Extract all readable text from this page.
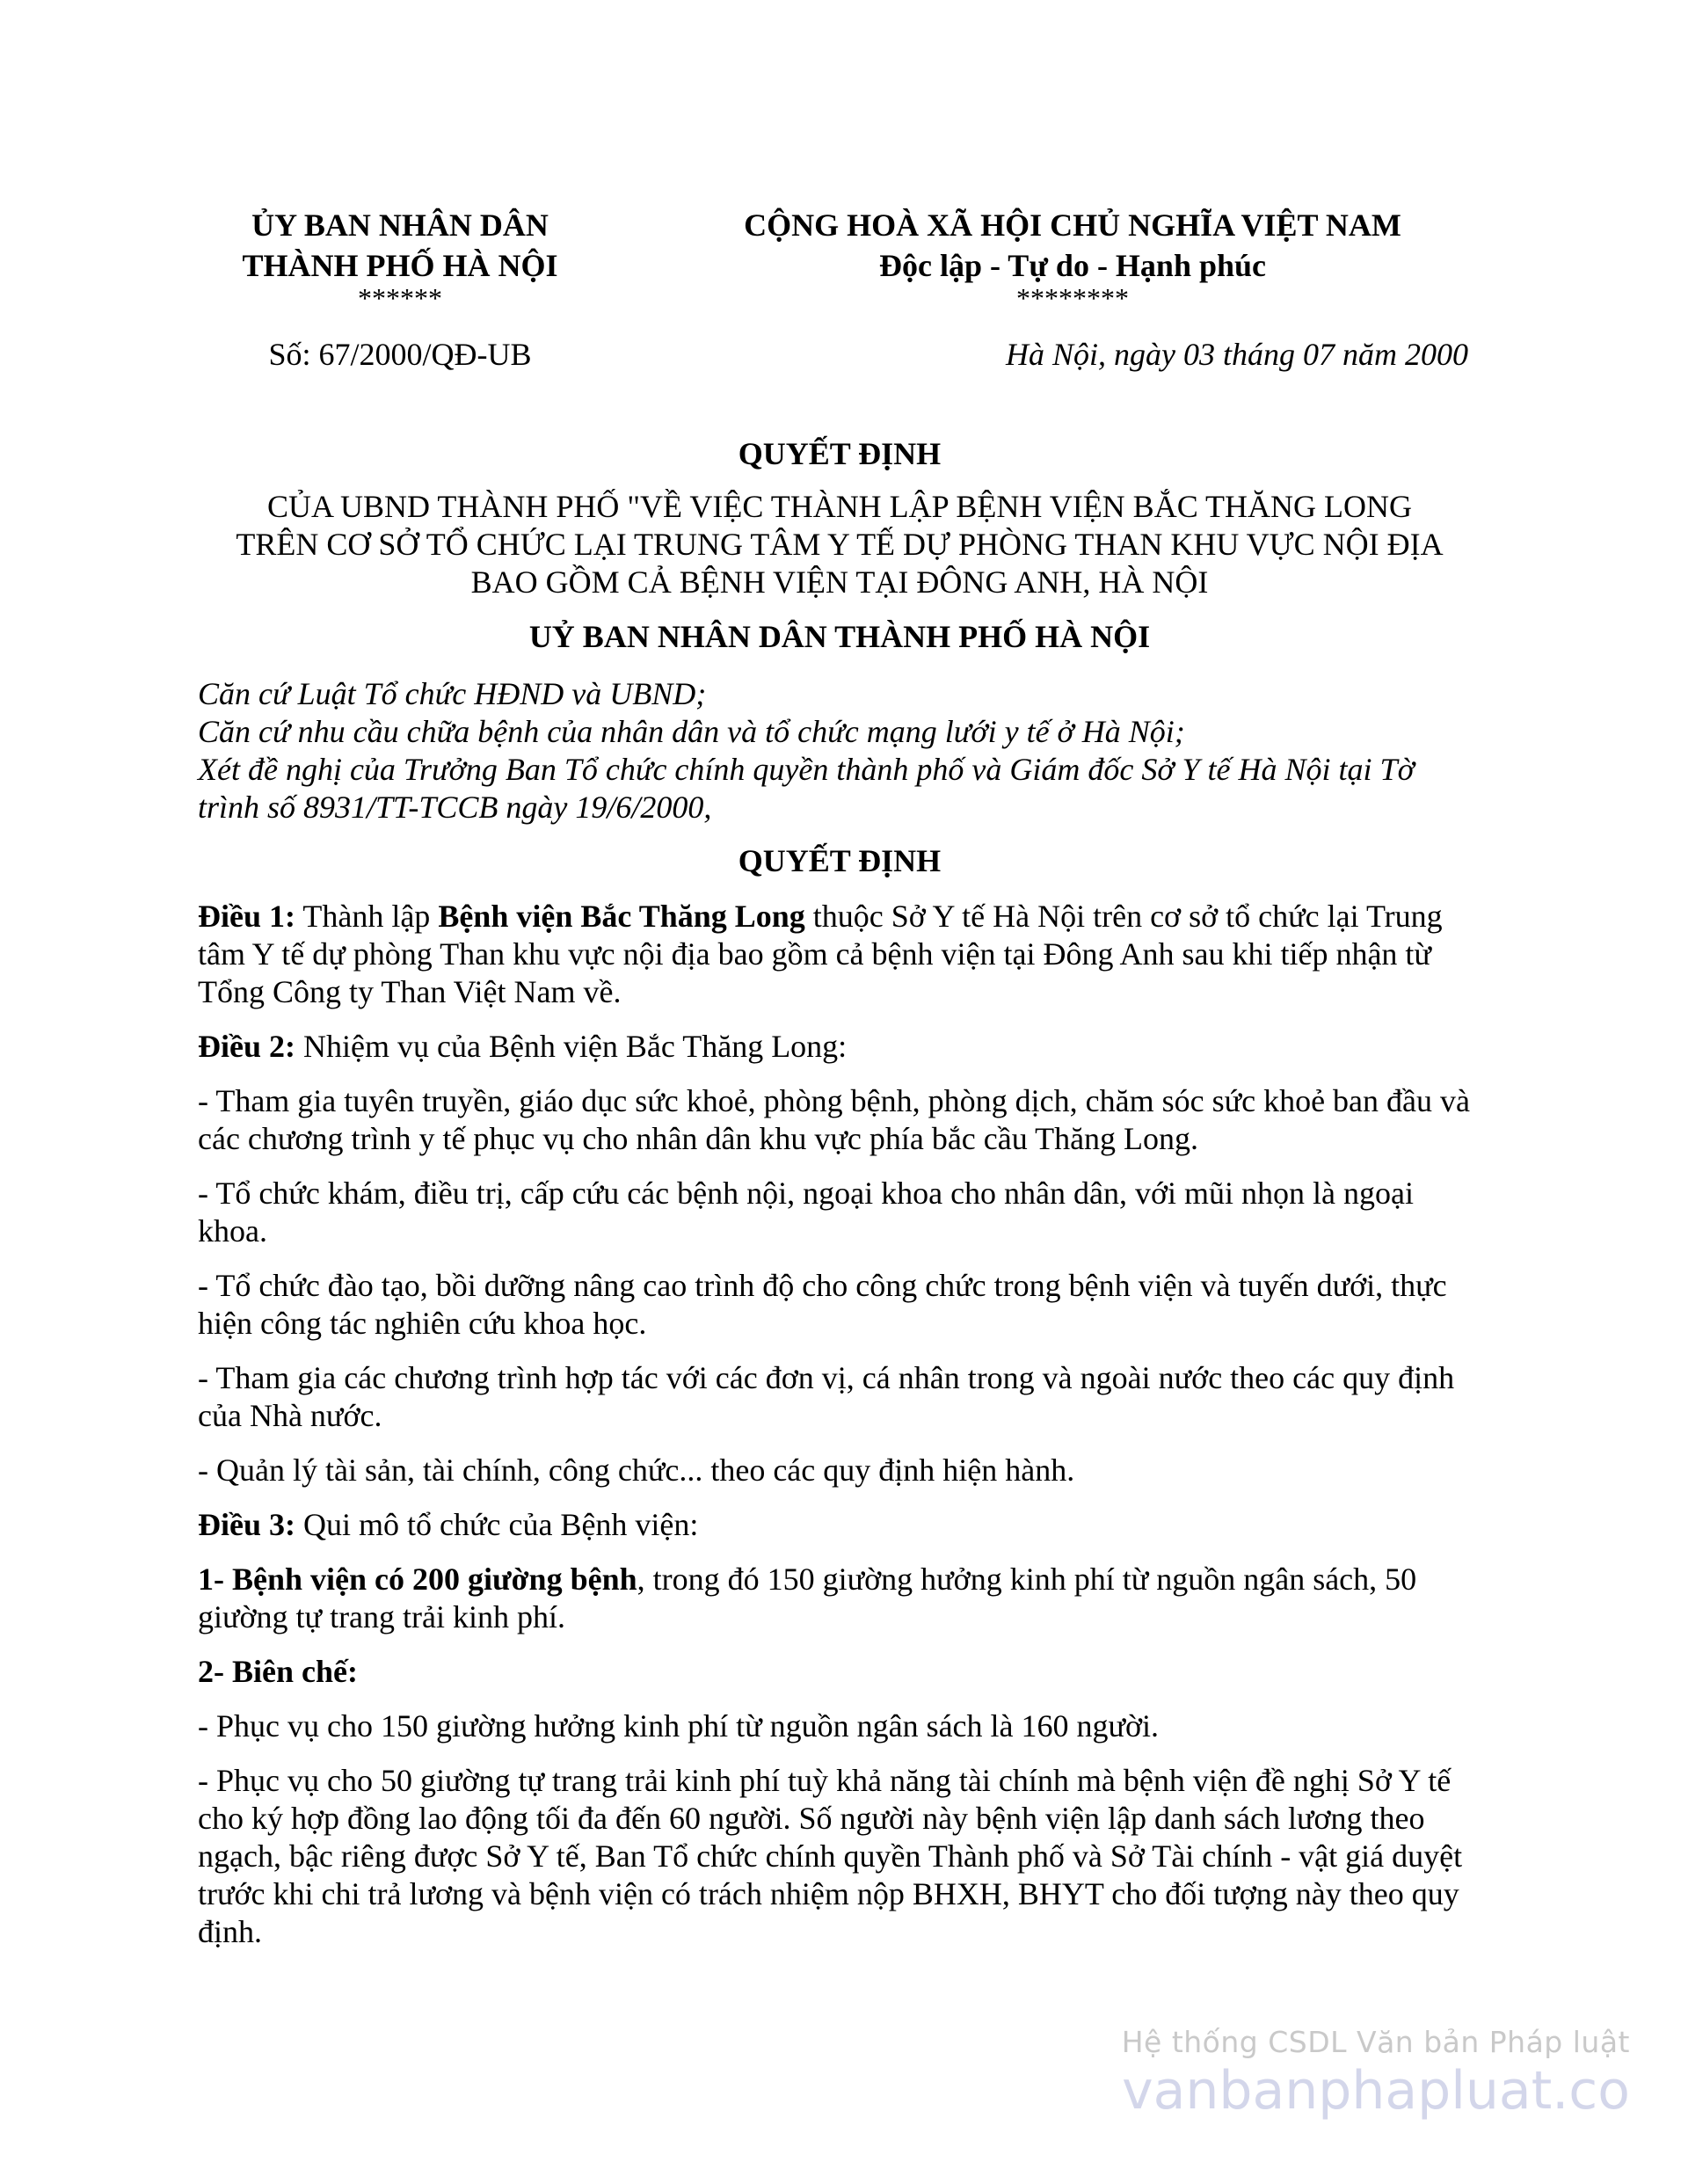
ỦY BAN NHÂN DÂN
THÀNH PHỐ HÀ NỘI
******
CỘNG HOÀ XÃ HỘI CHỦ NGHĨA VIỆT NAM
Độc lập - Tự do - Hạnh phúc
********
Số: 67/2000/QĐ-UB	Hà Nội, ngày 03 tháng 07 năm 2000
QUYẾT ĐỊNH
CỦA UBND THÀNH PHỐ "VỀ VIỆC THÀNH LẬP BỆNH VIỆN BẮC THĂNG LONG
TRÊN CƠ SỞ TỔ CHỨC LẠI TRUNG TÂM Y TẾ DỰ PHÒNG THAN KHU VỰC NỘI ĐỊA
BAO GỒM CẢ BỆNH VIỆN TẠI ĐÔNG ANH, HÀ NỘI
UỶ BAN NHÂN DÂN THÀNH PHỐ HÀ NỘI
Căn cứ Luật Tổ chức HĐND và UBND;
Căn cứ nhu cầu chữa bệnh của nhân dân và tổ chức mạng lưới y tế ở Hà Nội;
Xét đề nghị của Trưởng Ban Tổ chức chính quyền thành phố và Giám đốc Sở Y tế Hà Nội tại Tờ trình số 8931/TT-TCCB ngày 19/6/2000,
QUYẾT ĐỊNH
Điều 1: Thành lập Bệnh viện Bắc Thăng Long thuộc Sở Y tế Hà Nội trên cơ sở tổ chức lại Trung tâm Y tế dự phòng Than khu vực nội địa bao gồm cả bệnh viện tại Đông Anh sau khi tiếp nhận từ Tổng Công ty Than Việt Nam về.
Điều 2: Nhiệm vụ của Bệnh viện Bắc Thăng Long:
- Tham gia tuyên truyền, giáo dục sức khoẻ, phòng bệnh, phòng dịch, chăm sóc sức khoẻ ban đầu và các chương trình y tế phục vụ cho nhân dân khu vực phía bắc cầu Thăng Long.
- Tổ chức khám, điều trị, cấp cứu các bệnh nội, ngoại khoa cho nhân dân, với mũi nhọn là ngoại khoa.
- Tổ chức đào tạo, bồi dưỡng nâng cao trình độ cho công chức trong bệnh viện và tuyến dưới, thực hiện công tác nghiên cứu khoa học.
- Tham gia các chương trình hợp tác với các đơn vị, cá nhân trong và ngoài nước theo các quy định của Nhà nước.
- Quản lý tài sản, tài chính, công chức... theo các quy định hiện hành.
Điều 3: Qui mô tổ chức của Bệnh viện:
1- Bệnh viện có 200 giường bệnh, trong đó 150 giường hưởng kinh phí từ nguồn ngân sách, 50 giường tự trang trải kinh phí.
2- Biên chế:
- Phục vụ cho 150 giường hưởng kinh phí từ nguồn ngân sách là 160 người.
- Phục vụ cho 50 giường tự trang trải kinh phí tuỳ khả năng tài chính mà bệnh viện đề nghị Sở Y tế cho ký hợp đồng lao động tối đa đến 60 người. Số người này bệnh viện lập danh sách lương theo ngạch, bậc riêng được Sở Y tế, Ban Tổ chức chính quyền Thành phố và Sở Tài chính - vật giá duyệt trước khi chi trả lương và bệnh viện có trách nhiệm nộp BHXH, BHYT cho đối tượng này theo quy định.
Hệ thống CSDL Văn bản Pháp luật
vanbanphapluat.co
